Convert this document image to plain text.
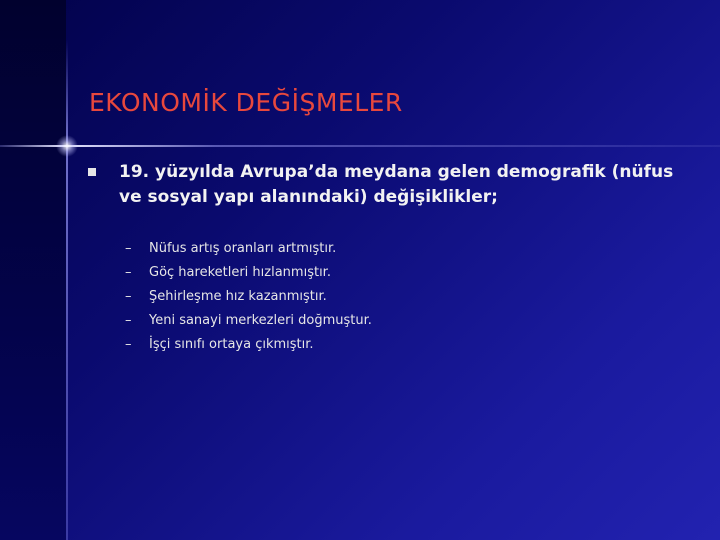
EKONOMİK DEĞİŞMELER
19. yüzyılda Avrupa’da meydana gelen demografik (nüfus ve sosyal yapı alanındaki) değişiklikler;
–	Nüfus artış oranları artmıştır.
–	Göç hareketleri hızlanmıştır.
–	Şehirleşme hız kazanmıştır.
–	Yeni sanayi merkezleri doğmuştur.
–	İşçi sınıfı ortaya çıkmıştır.
